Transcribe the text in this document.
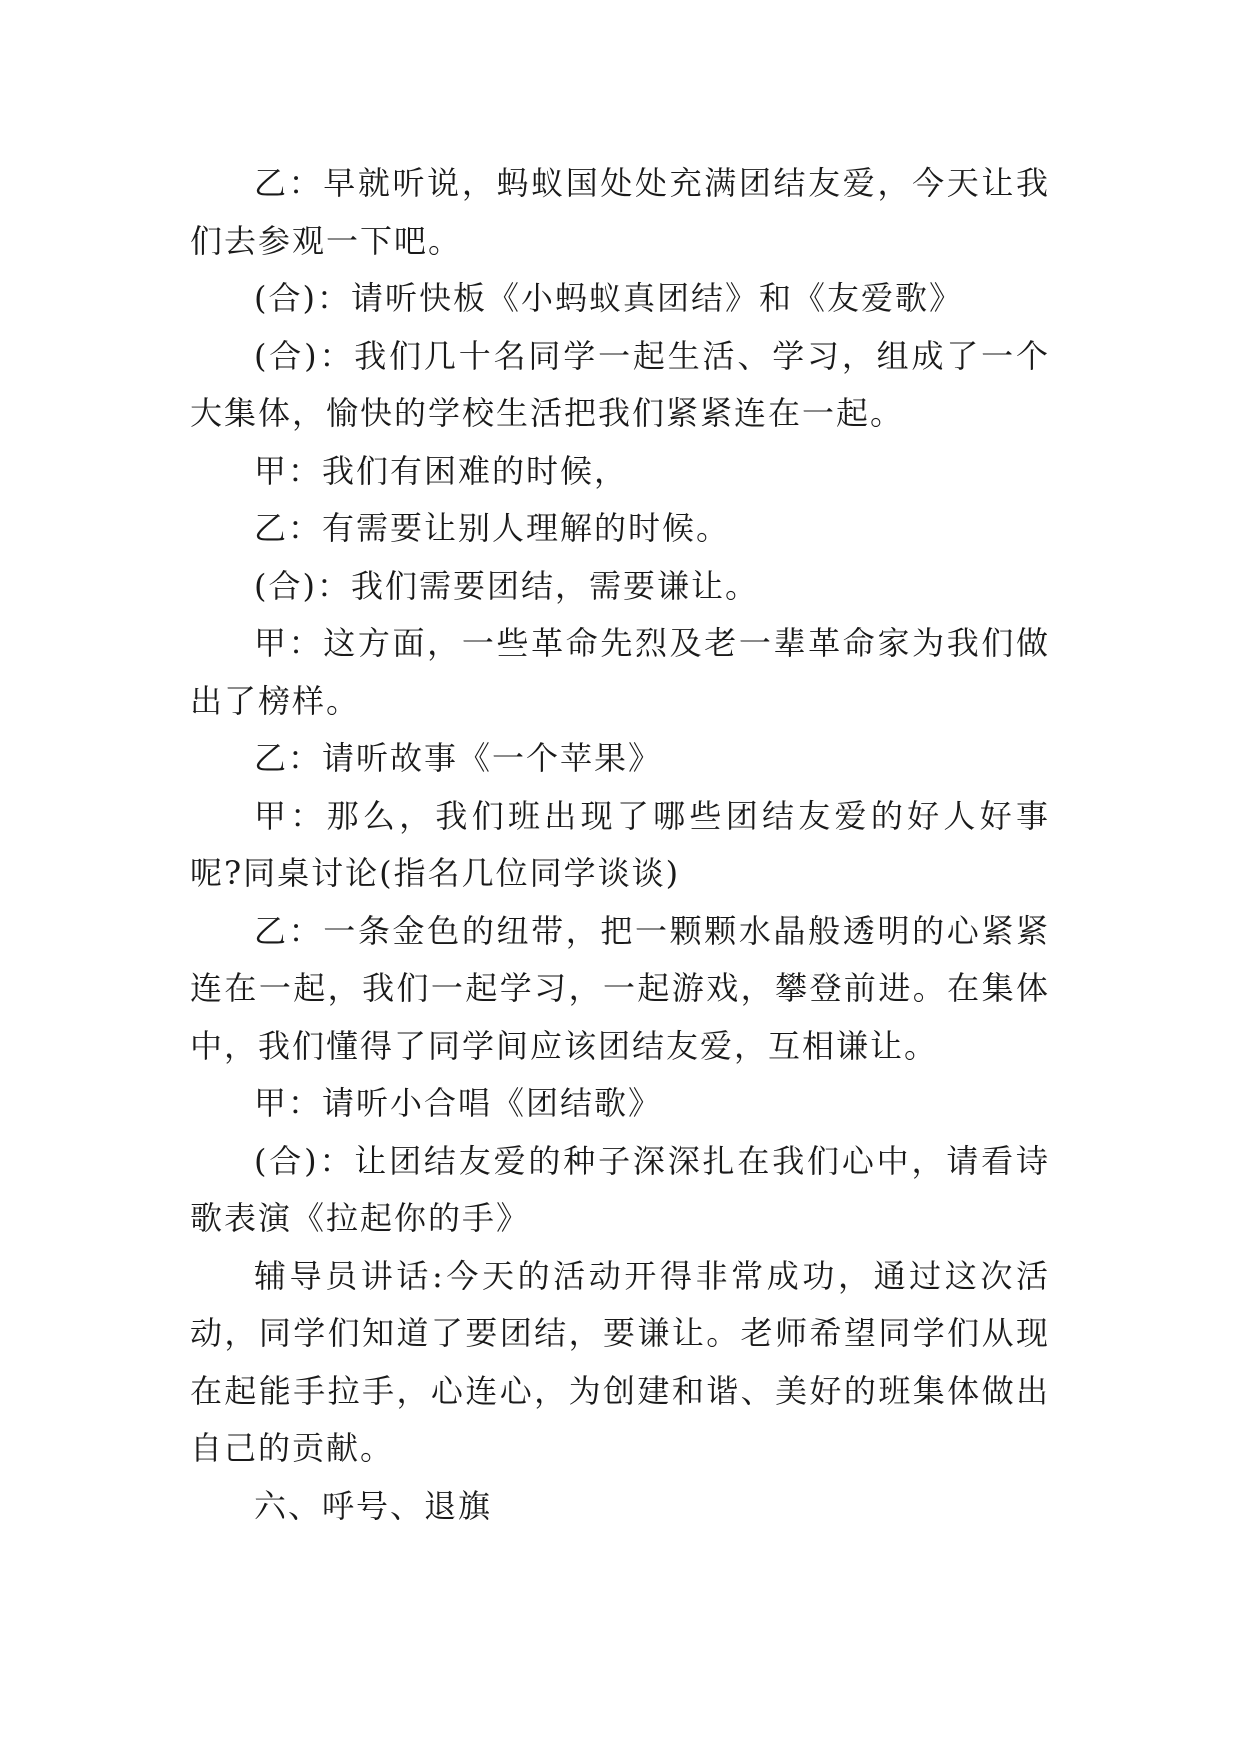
乙：早就听说，蚂蚁国处处充满团结友爱，今天让我们去参观一下吧。

(合)：请听快板《小蚂蚁真团结》和《友爱歌》

(合)：我们几十名同学一起生活、学习，组成了一个大集体，愉快的学校生活把我们紧紧连在一起。

甲：我们有困难的时候，

乙：有需要让别人理解的时候。

(合)：我们需要团结，需要谦让。

甲：这方面，一些革命先烈及老一辈革命家为我们做出了榜样。

乙：请听故事《一个苹果》

甲：那么，我们班出现了哪些团结友爱的好人好事呢?同桌讨论(指名几位同学谈谈)

乙：一条金色的纽带，把一颗颗水晶般透明的心紧紧连在一起，我们一起学习，一起游戏，攀登前进。在集体中，我们懂得了同学间应该团结友爱，互相谦让。

甲：请听小合唱《团结歌》

(合)：让团结友爱的种子深深扎在我们心中，请看诗歌表演《拉起你的手》

辅导员讲话:今天的活动开得非常成功，通过这次活动，同学们知道了要团结，要谦让。老师希望同学们从现在起能手拉手，心连心，为创建和谐、美好的班集体做出自己的贡献。

六、呼号、退旗
